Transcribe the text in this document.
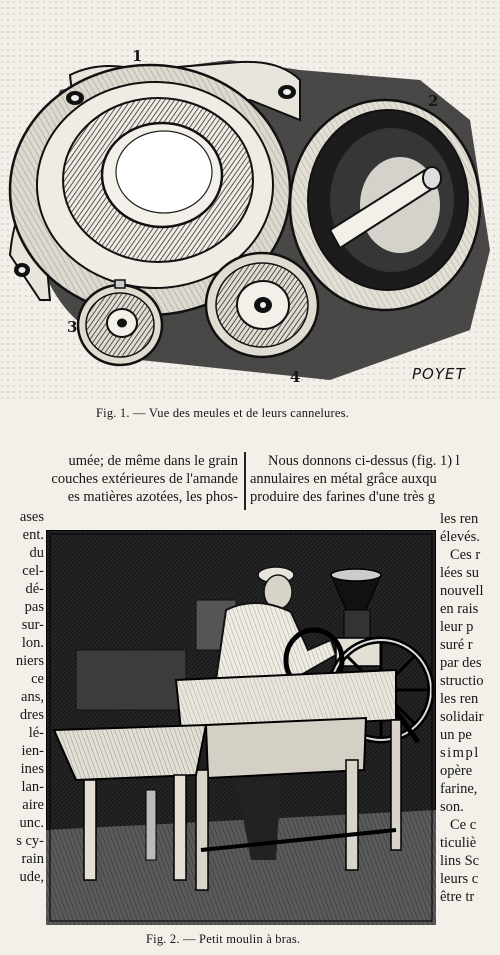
1
2
3
4	POYET
Fig. 1. — Vue des meules et de leurs cannelures.
umée; de même dans le grain
couches extérieures de l'amande
es matières azotées, les phos-
Nous donnons ci-dessus (fig. 1) l
annulaires en métal grâce auxqu
produire des farines d'une très g
ases
ent.
du
cel-
dé-
pas
sur-
lon.
niers
ce
ans,
dres
lé-
ien-
ines
lan-
aire
unc.
s cy-
rain
ude,
les ren
élevés.
Ces r
lées su
nouvell
en rais
leur p
suré r
par des
structio
les ren
solidair
un pe
simpl
opère
farine,
son.
Ce c
ticuliè
lins Sc
leurs c
être tr
Fig. 2. — Petit moulin à bras.
